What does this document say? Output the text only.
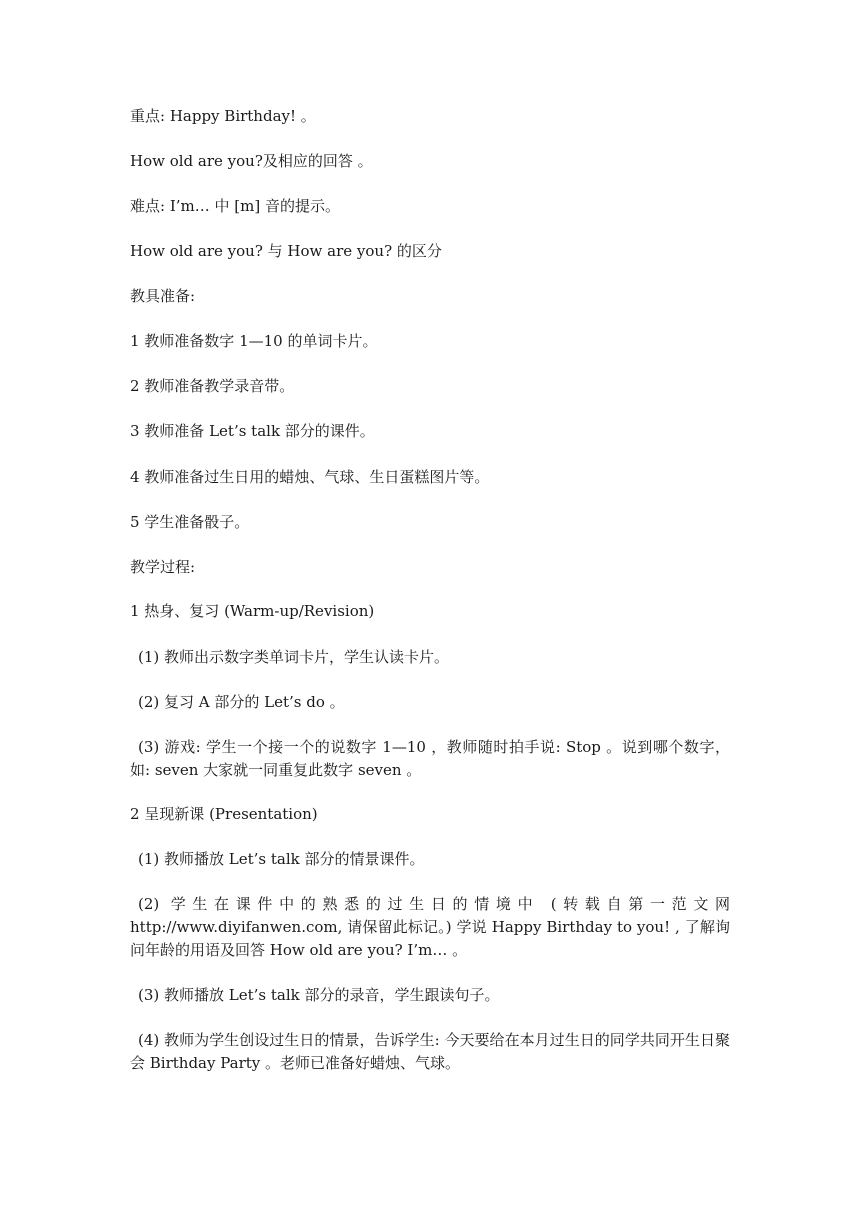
重点: Happy Birthday! 。
How old are you?及相应的回答 。
难点: I’m… 中 [m] 音的提示。
How old are you? 与 How are you? 的区分
教具准备:
1 教师准备数字 1—10 的单词卡片。
2 教师准备教学录音带。
3 教师准备 Let’s talk 部分的课件。
4 教师准备过生日用的蜡烛、气球、生日蛋糕图片等。
5 学生准备骰子。
教学过程:
1 热身、复习 (Warm-up/Revision)
(1) 教师出示数字类单词卡片，学生认读卡片。
(2) 复习 A 部分的 Let’s do 。
(3) 游戏: 学生一个接一个的说数字 1—10 ，教师随时拍手说: Stop 。说到哪个数字，如: seven 大家就一同重复此数字 seven 。
2 呈现新课 (Presentation)
(1) 教师播放 Let’s talk 部分的情景课件。
(2) 学生在课件中的熟悉的过生日的情境中 (转载自第一范文网 http://www.diyifanwen.com, 请保留此标记。) 学说 Happy Birthday to you! , 了解询问年龄的用语及回答 How old are you? I’m… 。
(3) 教师播放 Let’s talk 部分的录音，学生跟读句子。
(4) 教师为学生创设过生日的情景，告诉学生: 今天要给在本月过生日的同学共同开生日聚会 Birthday Party 。老师已准备好蜡烛、气球。
